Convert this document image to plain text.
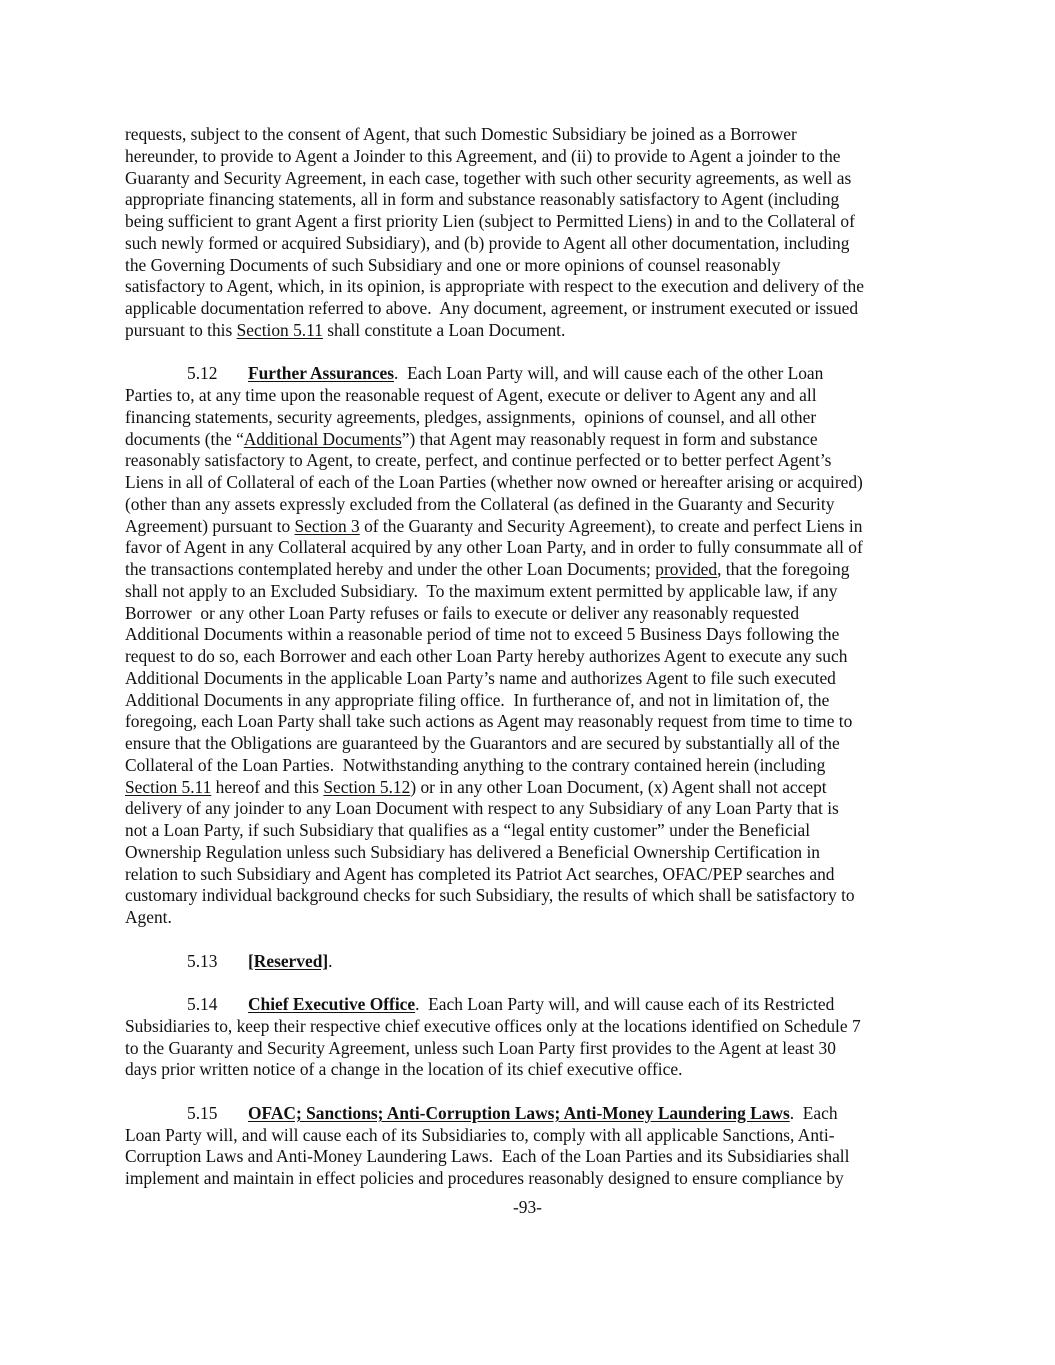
requests, subject to the consent of Agent, that such Domestic Subsidiary be joined as a Borrower
hereunder, to provide to Agent a Joinder to this Agreement, and (ii) to provide to Agent a joinder to the
Guaranty and Security Agreement, in each case, together with such other security agreements, as well as
appropriate financing statements, all in form and substance reasonably satisfactory to Agent (including
being sufficient to grant Agent a first priority Lien (subject to Permitted Liens) in and to the Collateral of
such newly formed or acquired Subsidiary), and (b) provide to Agent all other documentation, including
the Governing Documents of such Subsidiary and one or more opinions of counsel reasonably
satisfactory to Agent, which, in its opinion, is appropriate with respect to the execution and delivery of the
applicable documentation referred to above.  Any document, agreement, or instrument executed or issued
pursuant to this Section 5.11 shall constitute a Loan Document.
5.12 Further Assurances.  Each Loan Party will, and will cause each of the other Loan
Parties to, at any time upon the reasonable request of Agent, execute or deliver to Agent any and all
financing statements, security agreements, pledges, assignments,  opinions of counsel, and all other
documents (the “Additional Documents”) that Agent may reasonably request in form and substance
reasonably satisfactory to Agent, to create, perfect, and continue perfected or to better perfect Agent’s
Liens in all of Collateral of each of the Loan Parties (whether now owned or hereafter arising or acquired)
(other than any assets expressly excluded from the Collateral (as defined in the Guaranty and Security
Agreement) pursuant to Section 3 of the Guaranty and Security Agreement), to create and perfect Liens in
favor of Agent in any Collateral acquired by any other Loan Party, and in order to fully consummate all of
the transactions contemplated hereby and under the other Loan Documents; provided, that the foregoing
shall not apply to an Excluded Subsidiary.  To the maximum extent permitted by applicable law, if any
Borrower  or any other Loan Party refuses or fails to execute or deliver any reasonably requested
Additional Documents within a reasonable period of time not to exceed 5 Business Days following the
request to do so, each Borrower and each other Loan Party hereby authorizes Agent to execute any such
Additional Documents in the applicable Loan Party’s name and authorizes Agent to file such executed
Additional Documents in any appropriate filing office.  In furtherance of, and not in limitation of, the
foregoing, each Loan Party shall take such actions as Agent may reasonably request from time to time to
ensure that the Obligations are guaranteed by the Guarantors and are secured by substantially all of the
Collateral of the Loan Parties.  Notwithstanding anything to the contrary contained herein (including
Section 5.11 hereof and this Section 5.12) or in any other Loan Document, (x) Agent shall not accept
delivery of any joinder to any Loan Document with respect to any Subsidiary of any Loan Party that is
not a Loan Party, if such Subsidiary that qualifies as a “legal entity customer” under the Beneficial
Ownership Regulation unless such Subsidiary has delivered a Beneficial Ownership Certification in
relation to such Subsidiary and Agent has completed its Patriot Act searches, OFAC/PEP searches and
customary individual background checks for such Subsidiary, the results of which shall be satisfactory to
Agent.
5.13 [Reserved].
5.14 Chief Executive Office.  Each Loan Party will, and will cause each of its Restricted
Subsidiaries to, keep their respective chief executive offices only at the locations identified on Schedule 7
to the Guaranty and Security Agreement, unless such Loan Party first provides to the Agent at least 30
days prior written notice of a change in the location of its chief executive office.
5.15 OFAC; Sanctions; Anti-Corruption Laws; Anti-Money Laundering Laws.  Each
Loan Party will, and will cause each of its Subsidiaries to, comply with all applicable Sanctions, Anti-
Corruption Laws and Anti-Money Laundering Laws.  Each of the Loan Parties and its Subsidiaries shall
implement and maintain in effect policies and procedures reasonably designed to ensure compliance by
-93-
